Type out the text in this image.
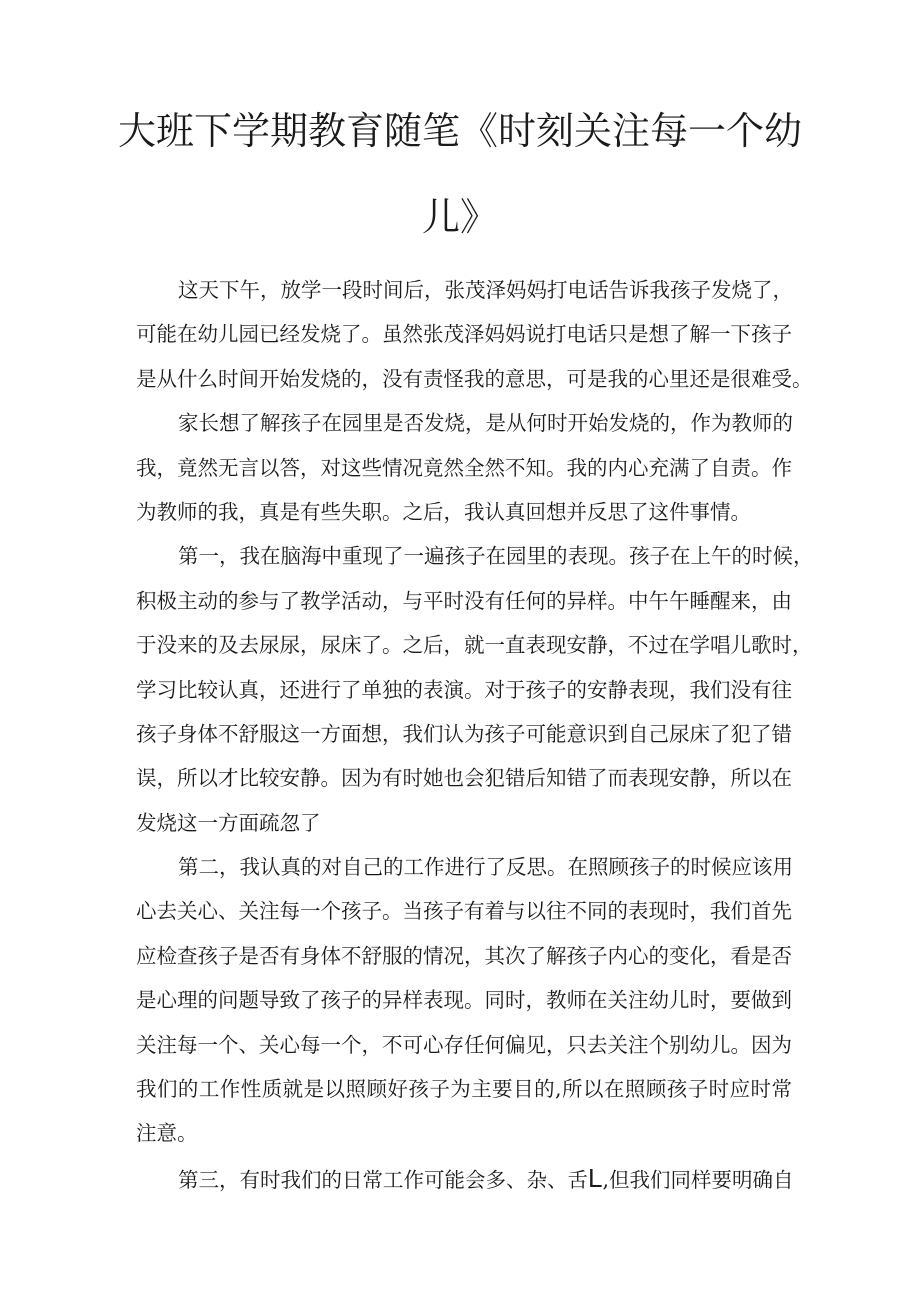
大班下学期教育随笔《时刻关注每一个幼
儿》
这天下午，放学一段时间后，张茂泽妈妈打电话告诉我孩子发烧了，
可能在幼儿园已经发烧了。虽然张茂泽妈妈说打电话只是想了解一下孩子
是从什么时间开始发烧的，没有责怪我的意思，可是我的心里还是很难受。
家长想了解孩子在园里是否发烧，是从何时开始发烧的，作为教师的
我，竟然无言以答，对这些情况竟然全然不知。我的内心充满了自责。作
为教师的我，真是有些失职。之后，我认真回想并反思了这件事情。
第一，我在脑海中重现了一遍孩子在园里的表现。孩子在上午的时候，
积极主动的参与了教学活动，与平时没有任何的异样。中午午睡醒来，由
于没来的及去尿尿，尿床了。之后，就一直表现安静，不过在学唱儿歌时，
学习比较认真，还进行了单独的表演。对于孩子的安静表现，我们没有往
孩子身体不舒服这一方面想，我们认为孩子可能意识到自己尿床了犯了错
误，所以才比较安静。因为有时她也会犯错后知错了而表现安静，所以在
发烧这一方面疏忽了
第二，我认真的对自己的工作进行了反思。在照顾孩子的时候应该用
心去关心、关注每一个孩子。当孩子有着与以往不同的表现时，我们首先
应检查孩子是否有身体不舒服的情况，其次了解孩子内心的变化，看是否
是心理的问题导致了孩子的异样表现。同时，教师在关注幼儿时，要做到
关注每一个、关心每一个，不可心存任何偏见，只去关注个别幼儿。因为
我们的工作性质就是以照顾好孩子为主要目的,所以在照顾孩子时应时常
注意。
第三，有时我们的日常工作可能会多、杂、舌L,但我们同样要明确自
